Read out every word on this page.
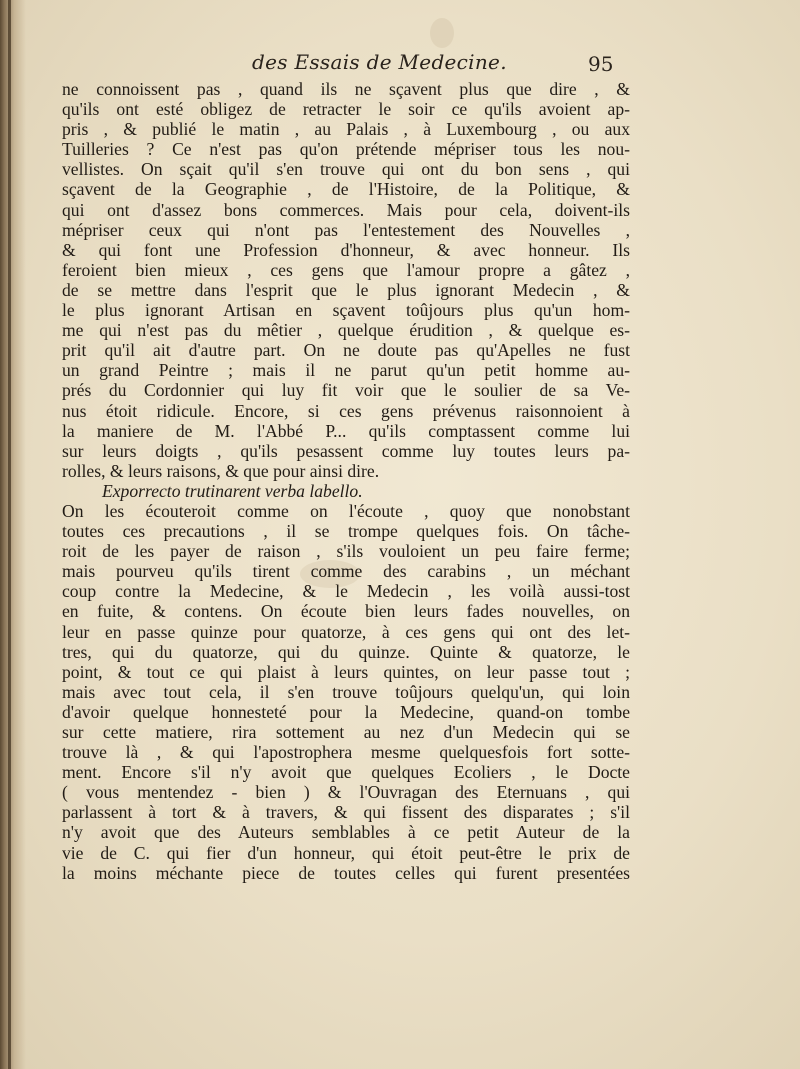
des Essais de Medecine.	95
ne connoissent pas , quand ils ne sçavent plus que dire , &
qu'ils ont esté obligez de retracter le soir ce qu'ils avoient ap-
pris , & publié le matin , au Palais , à Luxembourg , ou aux
Tuilleries ? Ce n'est pas qu'on prétende mépriser tous les nou-
vellistes. On sçait qu'il s'en trouve qui ont du bon sens , qui
sçavent de la Geographie , de l'Histoire, de la Politique, &
qui ont d'assez bons commerces. Mais pour cela, doivent-ils
mépriser ceux qui n'ont pas l'entestement des Nouvelles ,
& qui font une Profession d'honneur, & avec honneur. Ils
feroient bien mieux , ces gens que l'amour propre a gâtez ,
de se mettre dans l'esprit que le plus ignorant Medecin , &
le plus ignorant Artisan en sçavent toûjours plus qu'un hom-
me qui n'est pas du mêtier , quelque érudition , & quelque es-
prit qu'il ait d'autre part. On ne doute pas qu'Apelles ne fust
un grand Peintre ; mais il ne parut qu'un petit homme au-
prés du Cordonnier qui luy fit voir que le soulier de sa Ve-
nus étoit ridicule. Encore, si ces gens prévenus raisonnoient à
la maniere de M. l'Abbé P... qu'ils comptassent comme lui
sur leurs doigts , qu'ils pesassent comme luy toutes leurs pa-
rolles, & leurs raisons, & que pour ainsi dire.
Exporrecto trutinarent verba labello.
On les écouteroit comme on l'écoute , quoy que nonobstant
toutes ces precautions , il se trompe quelques fois. On tâche-
roit de les payer de raison , s'ils vouloient un peu faire ferme;
mais pourveu qu'ils tirent comme des carabins , un méchant
coup contre la Medecine, & le Medecin , les voilà aussi-tost
en fuite, & contens. On écoute bien leurs fades nouvelles, on
leur en passe quinze pour quatorze, à ces gens qui ont des let-
tres, qui du quatorze, qui du quinze. Quinte & quatorze, le
point, & tout ce qui plaist à leurs quintes, on leur passe tout ;
mais avec tout cela, il s'en trouve toûjours quelqu'un, qui loin
d'avoir quelque honnesteté pour la Medecine, quand-on tombe
sur cette matiere, rira sottement au nez d'un Medecin qui se
trouve là , & qui l'apostrophera mesme quelquesfois fort sotte-
ment. Encore s'il n'y avoit que quelques Ecoliers , le Docte
( vous mentendez - bien ) & l'Ouvragan des Eternuans , qui
parlassent à tort & à travers, & qui fissent des disparates ; s'il
n'y avoit que des Auteurs semblables à ce petit Auteur de la
vie de C. qui fier d'un honneur, qui étoit peut-être le prix de
la moins méchante piece de toutes celles qui furent presentées
